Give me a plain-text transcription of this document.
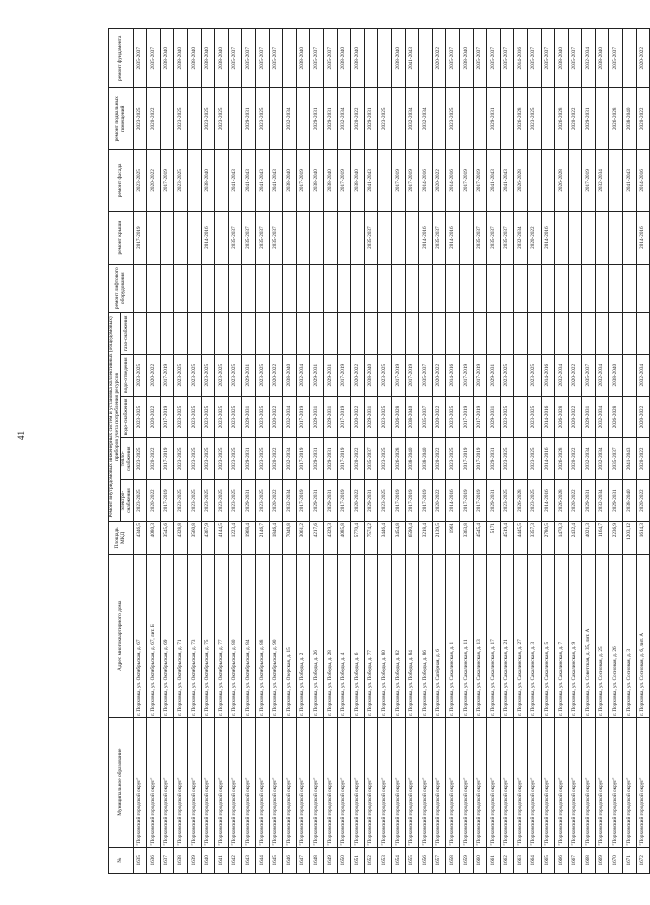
41
№	Муниципальное образование	Адрес многоквартирного дома	Площадь МКД	Ремонт внутридомовых инженерных систем и установка коллективных (общедомовых) приборов учета потребления ресурсов					ремонт лифтового оборудования	ремонт крыши	ремонт фасада	ремонт подвальных помещений	ремонт фундамента
				электро-снабжения	тепло-снабжения	водо-снабжения	водо-отведения	газо-снабжения					
1635	"Порховский городской округ"	г. Порховка, ул. Октябрьская, д. 67	4346,5	2023-2025	2023-2025	2023-2025	2023-2025			2017-2019	2023-2025	2023-2025	2035-2037
1636	"Порховский городской округ"	г. Порховка, ул. Октябрьская, д. 67, лит. Б	4080,3	2020-2022	2020-2022	2020-2022	2020-2022				2020-2022	2020-2022	2035-2037
1637	"Порховский городской округ"	г. Порховка, ул. Октябрьская, д. 69	3545,6	2017-2019	2017-2019	2017-2019	2017-2019				2017-2019		2038-2040
1638	"Порховский городской округ"	г. Порховка, ул. Октябрьская, д. 71	4328,8	2023-2025	2023-2025	2023-2025	2023-2025				2023-2025	2023-2025	2038-2040
1639	"Порховский городской округ"	г. Порховка, ул. Октябрьская, д. 73	3560,8	2023-2025	2023-2025	2023-2025	2023-2025						2038-2040
1640	"Порховский городской округ"	г. Порховка, ул. Октябрьская, д. 75	4367,9	2023-2025	2023-2025	2023-2025	2023-2025			2014-2016	2038-2040	2023-2025	2038-2040
1641	"Порховский городской округ"	г. Порховка, ул. Октябрьская, д. 77	4144,5	2023-2025	2023-2025	2023-2025	2023-2025					2023-2025	2038-2040
1642	"Порховский городской округ"	г. Порховка, ул. Октябрьская, д. 80	1223,4	2023-2025	2023-2025	2023-2025	2023-2025			2035-2037	2041-2043		2035-2037
1643	"Порховский городской округ"	г. Порховка, ул. Октябрьская, д. 84	1968,4	2029-2031	2029-2031	2029-2031	2029-2031			2035-2037	2041-2043	2029-2031	2035-2037
1644	"Порховский городской округ"	г. Порховка, ул. Октябрьская, д. 88	2146,7	2023-2025	2023-2025	2023-2025	2023-2025			2035-2037	2041-2043	2023-2025	2035-2037
1645	"Порховский городской округ"	г. Порховка, ул. Октябрьская, д. 90	1846,4	2020-2022	2020-2022	2020-2022	2020-2022			2035-2037	2041-2043		2035-2037
1646	"Порховский городской округ"	г. Порховка, ул. Озерская, д. 15	7048,8	2032-2034	2032-2034	2032-2034	2038-2040				2038-2040	2032-2034	
1647	"Порховский городской округ"	г. Порховка, ул. Победы, д. 2	3061,2	2017-2019	2017-2019	2017-2019	2032-2034				2017-2019		2038-2040
1648	"Порховский городской округ"	г. Порховка, ул. Победы, д. 26	4217,6	2029-2031	2029-2031	2029-2031	2029-2031				2038-2040	2029-2031	2035-2037
1649	"Порховский городской округ"	г. Порховка, ул. Победы, д. 28	4329,3	2029-2031	2029-2031	2029-2031	2029-2031				2038-2040	2029-2031	2035-2037
1650	"Порховский городской округ"	г. Порховка, ул. Победы, д. 4	4085,8	2017-2019	2017-2019	2017-2019	2017-2019				2017-2019	2032-2034	2038-2040
1651	"Порховский городской округ"	г. Порховка, ул. Победы, д. 6	5770,4	2020-2022	2020-2022	2020-2022	2020-2022				2038-2040	2020-2022	2038-2040
1652	"Порховский городской округ"	г. Порховка, ул. Победы, д. 77	7574,2	2029-2031	2035-2037	2029-2031	2038-2040			2035-2037	2041-2043	2029-2031	
1653	"Порховский городской округ"	г. Порховка, ул. Победы, д. 80	3446,4	2023-2025	2023-2025	2023-2025	2023-2025					2023-2025	
1654	"Порховский городской округ"	г. Порховка, ул. Победы, д. 82	3454,8	2017-2019	2026-2028	2026-2028	2017-2019				2017-2019		2038-2040
1655	"Порховский городской округ"	г. Порховка, ул. Победы, д. 84	6590,4	2017-2019	2038-2040	2038-2040	2017-2019				2017-2019	2032-2034	2041-2043
1656	"Порховский городской округ"	г. Порховка, ул. Победы, д. 86	3218,4	2017-2019	2038-2040	2035-2037	2035-2037			2014-2016	2014-2016	2032-2034	
1657	"Порховский городской округ"	г. Порховка, ул. Сапёрная, д. 6	2139,5	2020-2022	2020-2022	2020-2022	2020-2022			2035-2037	2020-2022		2020-2022
1658	"Порховский городской округ"	г. Порховка, ул. Сакалинская, д. 1	1961	2014-2016	2023-2025	2023-2025	2014-2016			2014-2016	2014-2016	2023-2025	2035-2037
1659	"Порховский городской округ"	г. Порховка, ул. Сакалинская, д. 11	3363,8	2017-2019	2017-2019	2017-2019	2017-2019				2017-2019		2038-2040
1660	"Порховский городской округ"	г. Порховка, ул. Сакалинская, д. 13	4545,4	2017-2019	2017-2019	2017-2019	2017-2019			2035-2037	2017-2019		2035-2037
1661	"Порховский городской округ"	г. Порховка, ул. Сакалинская, д. 17	5171	2029-2031	2029-2031	2029-2031	2029-2031			2035-2037	2041-2043	2029-2031	2035-2037
1662	"Порховский городской округ"	г. Порховка, ул. Сакалинская, д. 21	4519,4	2023-2025	2023-2025	2023-2025	2023-2025			2035-2037	2041-2043		2035-2037
1663	"Порховский городской округ"	г. Порховка, ул. Сакалинская, д. 27	4445,5	2026-2028						2032-2034	2026-2028	2026-2028	2014-2016
1664	"Порховский городской округ"	г. Порховка, ул. Сакалинская, д. 3	3357,3	2023-2025	2023-2025	2023-2025	2023-2025			2020-2022		2023-2025	2035-2037
1665	"Порховский городской округ"	г. Порховка, ул. Сакалинская, д. 5	2780,5	2014-2016	2014-2016	2014-2016	2014-2016			2014-2016			2035-2037
1666	"Порховский городской округ"	г. Порховка, ул. Сакалинская, д. 7	1470,3	2026-2028	2026-2028	2026-2028	2032-2034				2026-2028	2026-2028	2038-2040
1667	"Порховский городской округ"	г. Порховка, ул. Сакалинская, д. 9	2432,4	2020-2022	2020-2022	2020-2022	2020-2022					2020-2022	2035-2037
1668	"Порховский городской округ"	г. Порховка, ул. Советская, д. 35, лит. А	4021,3	2029-2031	2032-2034	2029-2031	2035-2037				2017-2019	2029-2031	2032-2034
1669	"Порховский городской округ"	г. Порховка, ул. Сосновая, д. 25	1164,7	2032-2034	2032-2034	2032-2034	2032-2034				2032-2034		2038-2040
1670	"Порховский городской округ"	г. Порховка, ул. Сосновая, д. 26	2236,9	2029-2031	2035-2037	2026-2028	2038-2040					2026-2028	2035-2037
1671	"Порховский городской округ"	г. Порховка, ул. Сосновая, д. 3	1203,12	2038-2040	2041-2043						2041-2043	2038-2040	
1672	"Порховский городской округ"	г. Порховка, ул. Сосновая, д. 6, лит. А	1614,3	2020-2022	2020-2022	2020-2022	2032-2034			2014-2016	2014-2016	2020-2022	2020-2022
